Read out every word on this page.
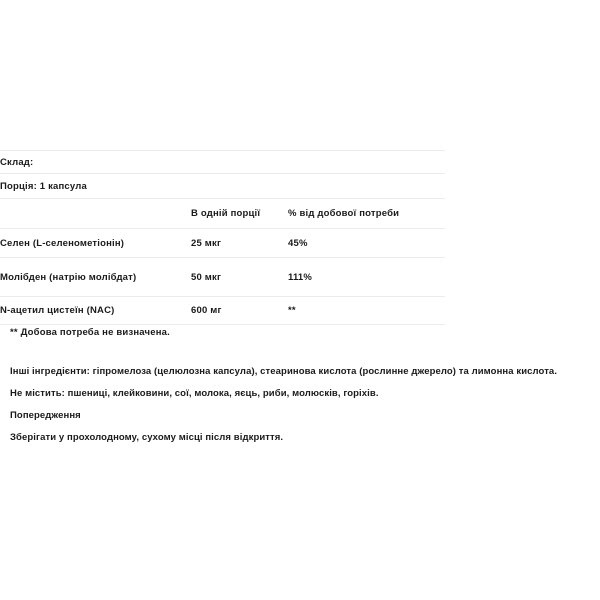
Склад:		
Порція: 1 капсула		
	В одній порції	% від добової потреби
Селен (L-селенометіонін)	25 мкг	45%
Молібден (натрію молібдат)	50 мкг	111%
N-ацетил цистеїн (NAC)	600 мг	**

** Добова потреба не визначена.
Інші інгредієнти: гіпромелоза (целюлозна капсула), стеаринова кислота (рослинне джерело) та лимонна кислота.
Не містить: пшениці, клейковини, сої, молока, яєць, риби, молюсків, горіхів.
Попередження
Зберігати у прохолодному, сухому місці після відкриття.
